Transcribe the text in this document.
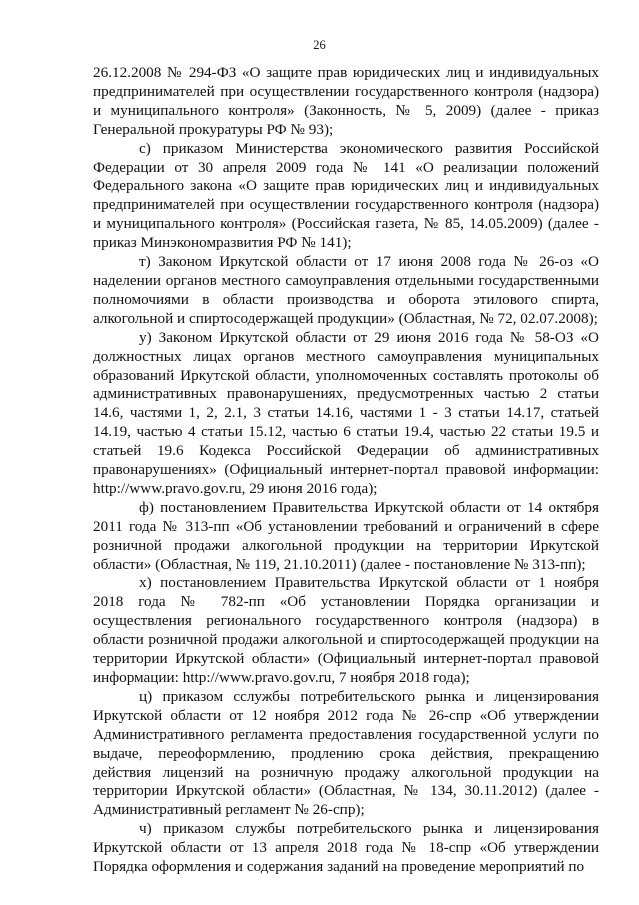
26

26.12.2008 № 294-ФЗ «О защите прав юридических лиц и индивидуальных предпринимателей при осуществлении государственного контроля (надзора) и муниципального контроля» (Законность, № 5, 2009) (далее - приказ Генеральной прокуратуры РФ № 93);

с) приказом Министерства экономического развития Российской Федерации от 30 апреля 2009 года № 141 «О реализации положений Федерального закона «О защите прав юридических лиц и индивидуальных предпринимателей при осуществлении государственного контроля (надзора) и муниципального контроля» (Российская газета, № 85, 14.05.2009) (далее - приказ Минэкономразвития РФ № 141);

т) Законом Иркутской области от 17 июня 2008 года № 26-оз «О наделении органов местного самоуправления отдельными государственными полномочиями в области производства и оборота этилового спирта, алкогольной и спиртосодержащей продукции» (Областная, № 72, 02.07.2008);

у) Законом Иркутской области от 29 июня 2016 года № 58-ОЗ «О должностных лицах органов местного самоуправления муниципальных образований Иркутской области, уполномоченных составлять протоколы об административных правонарушениях, предусмотренных частью 2 статьи 14.6, частями 1, 2, 2.1, 3 статьи 14.16, частями 1 - 3 статьи 14.17, статьей 14.19, частью 4 статьи 15.12, частью 6 статьи 19.4, частью 22 статьи 19.5 и статьей 19.6 Кодекса Российской Федерации об административных правонарушениях» (Официальный интернет-портал правовой информации: http://www.pravo.gov.ru, 29 июня 2016 года);

ф) постановлением Правительства Иркутской области от 14 октября 2011 года № 313-пп «Об установлении требований и ограничений в сфере розничной продажи алкогольной продукции на территории Иркутской области» (Областная, № 119, 21.10.2011) (далее - постановление № 313-пп);

х) постановлением Правительства Иркутской области от 1 ноября 2018 года № 782-пп «Об установлении Порядка организации и осуществления регионального государственного контроля (надзора) в области розничной продажи алкогольной и спиртосодержащей продукции на территории Иркутской области» (Официальный интернет-портал правовой информации: http://www.pravo.gov.ru, 7 ноября 2018 года);

ц) приказом сслужбы потребительского рынка и лицензирования Иркутской области от 12 ноября 2012 года № 26-спр «Об утверждении Административного регламента предоставления государственной услуги по выдаче, переоформлению, продлению срока действия, прекращению действия лицензий на розничную продажу алкогольной продукции на территории Иркутской области» (Областная, № 134, 30.11.2012) (далее - Административный регламент № 26-спр);

ч) приказом службы потребительского рынка и лицензирования Иркутской области от 13 апреля 2018 года № 18-спр «Об утверждении Порядка оформления и содержания заданий на проведение мероприятий по
